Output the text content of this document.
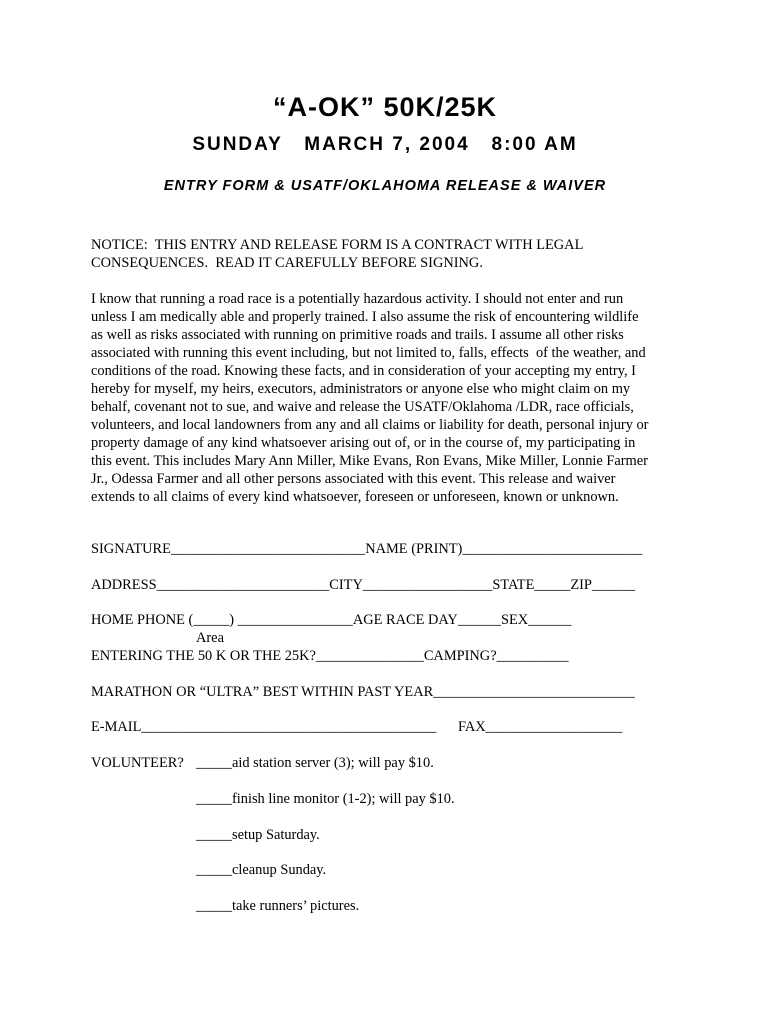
“A-OK” 50K/25K
SUNDAY   MARCH 7, 2004   8:00 AM
ENTRY FORM & USATF/OKLAHOMA RELEASE & WAIVER
NOTICE:  THIS ENTRY AND RELEASE FORM IS A CONTRACT WITH LEGAL
CONSEQUENCES.  READ IT CAREFULLY BEFORE SIGNING.
I know that running a road race is a potentially hazardous activity. I should not enter and run
unless I am medically able and properly trained. I also assume the risk of encountering wildlife
as well as risks associated with running on primitive roads and trails. I assume all other risks
associated with running this event including, but not limited to, falls, effects  of the weather, and
conditions of the road. Knowing these facts, and in consideration of your accepting my entry, I
hereby for myself, my heirs, executors, administrators or anyone else who might claim on my
behalf, covenant not to sue, and waive and release the USATF/Oklahoma /LDR, race officials,
volunteers, and local landowners from any and all claims or liability for death, personal injury or
property damage of any kind whatsoever arising out of, or in the course of, my participating in
this event. This includes Mary Ann Miller, Mike Evans, Ron Evans, Mike Miller, Lonnie Farmer
Jr., Odessa Farmer and all other persons associated with this event. This release and waiver
extends to all claims of every kind whatsoever, foreseen or unforeseen, known or unknown.
SIGNATURE___________________________NAME (PRINT)_________________________
ADDRESS________________________CITY__________________STATE_____ZIP______
HOME PHONE (_____) ________________AGE RACE DAY______SEX______
Area
ENTERING THE 50 K OR THE 25K?_______________CAMPING?__________
MARATHON OR “ULTRA” BEST WITHIN PAST YEAR____________________________
E-MAIL_________________________________________      FAX___________________
VOLUNTEER? _____aid station server (3); will pay $10.
_____finish line monitor (1-2); will pay $10.
_____setup Saturday.
_____cleanup Sunday.
_____take runners’ pictures.
